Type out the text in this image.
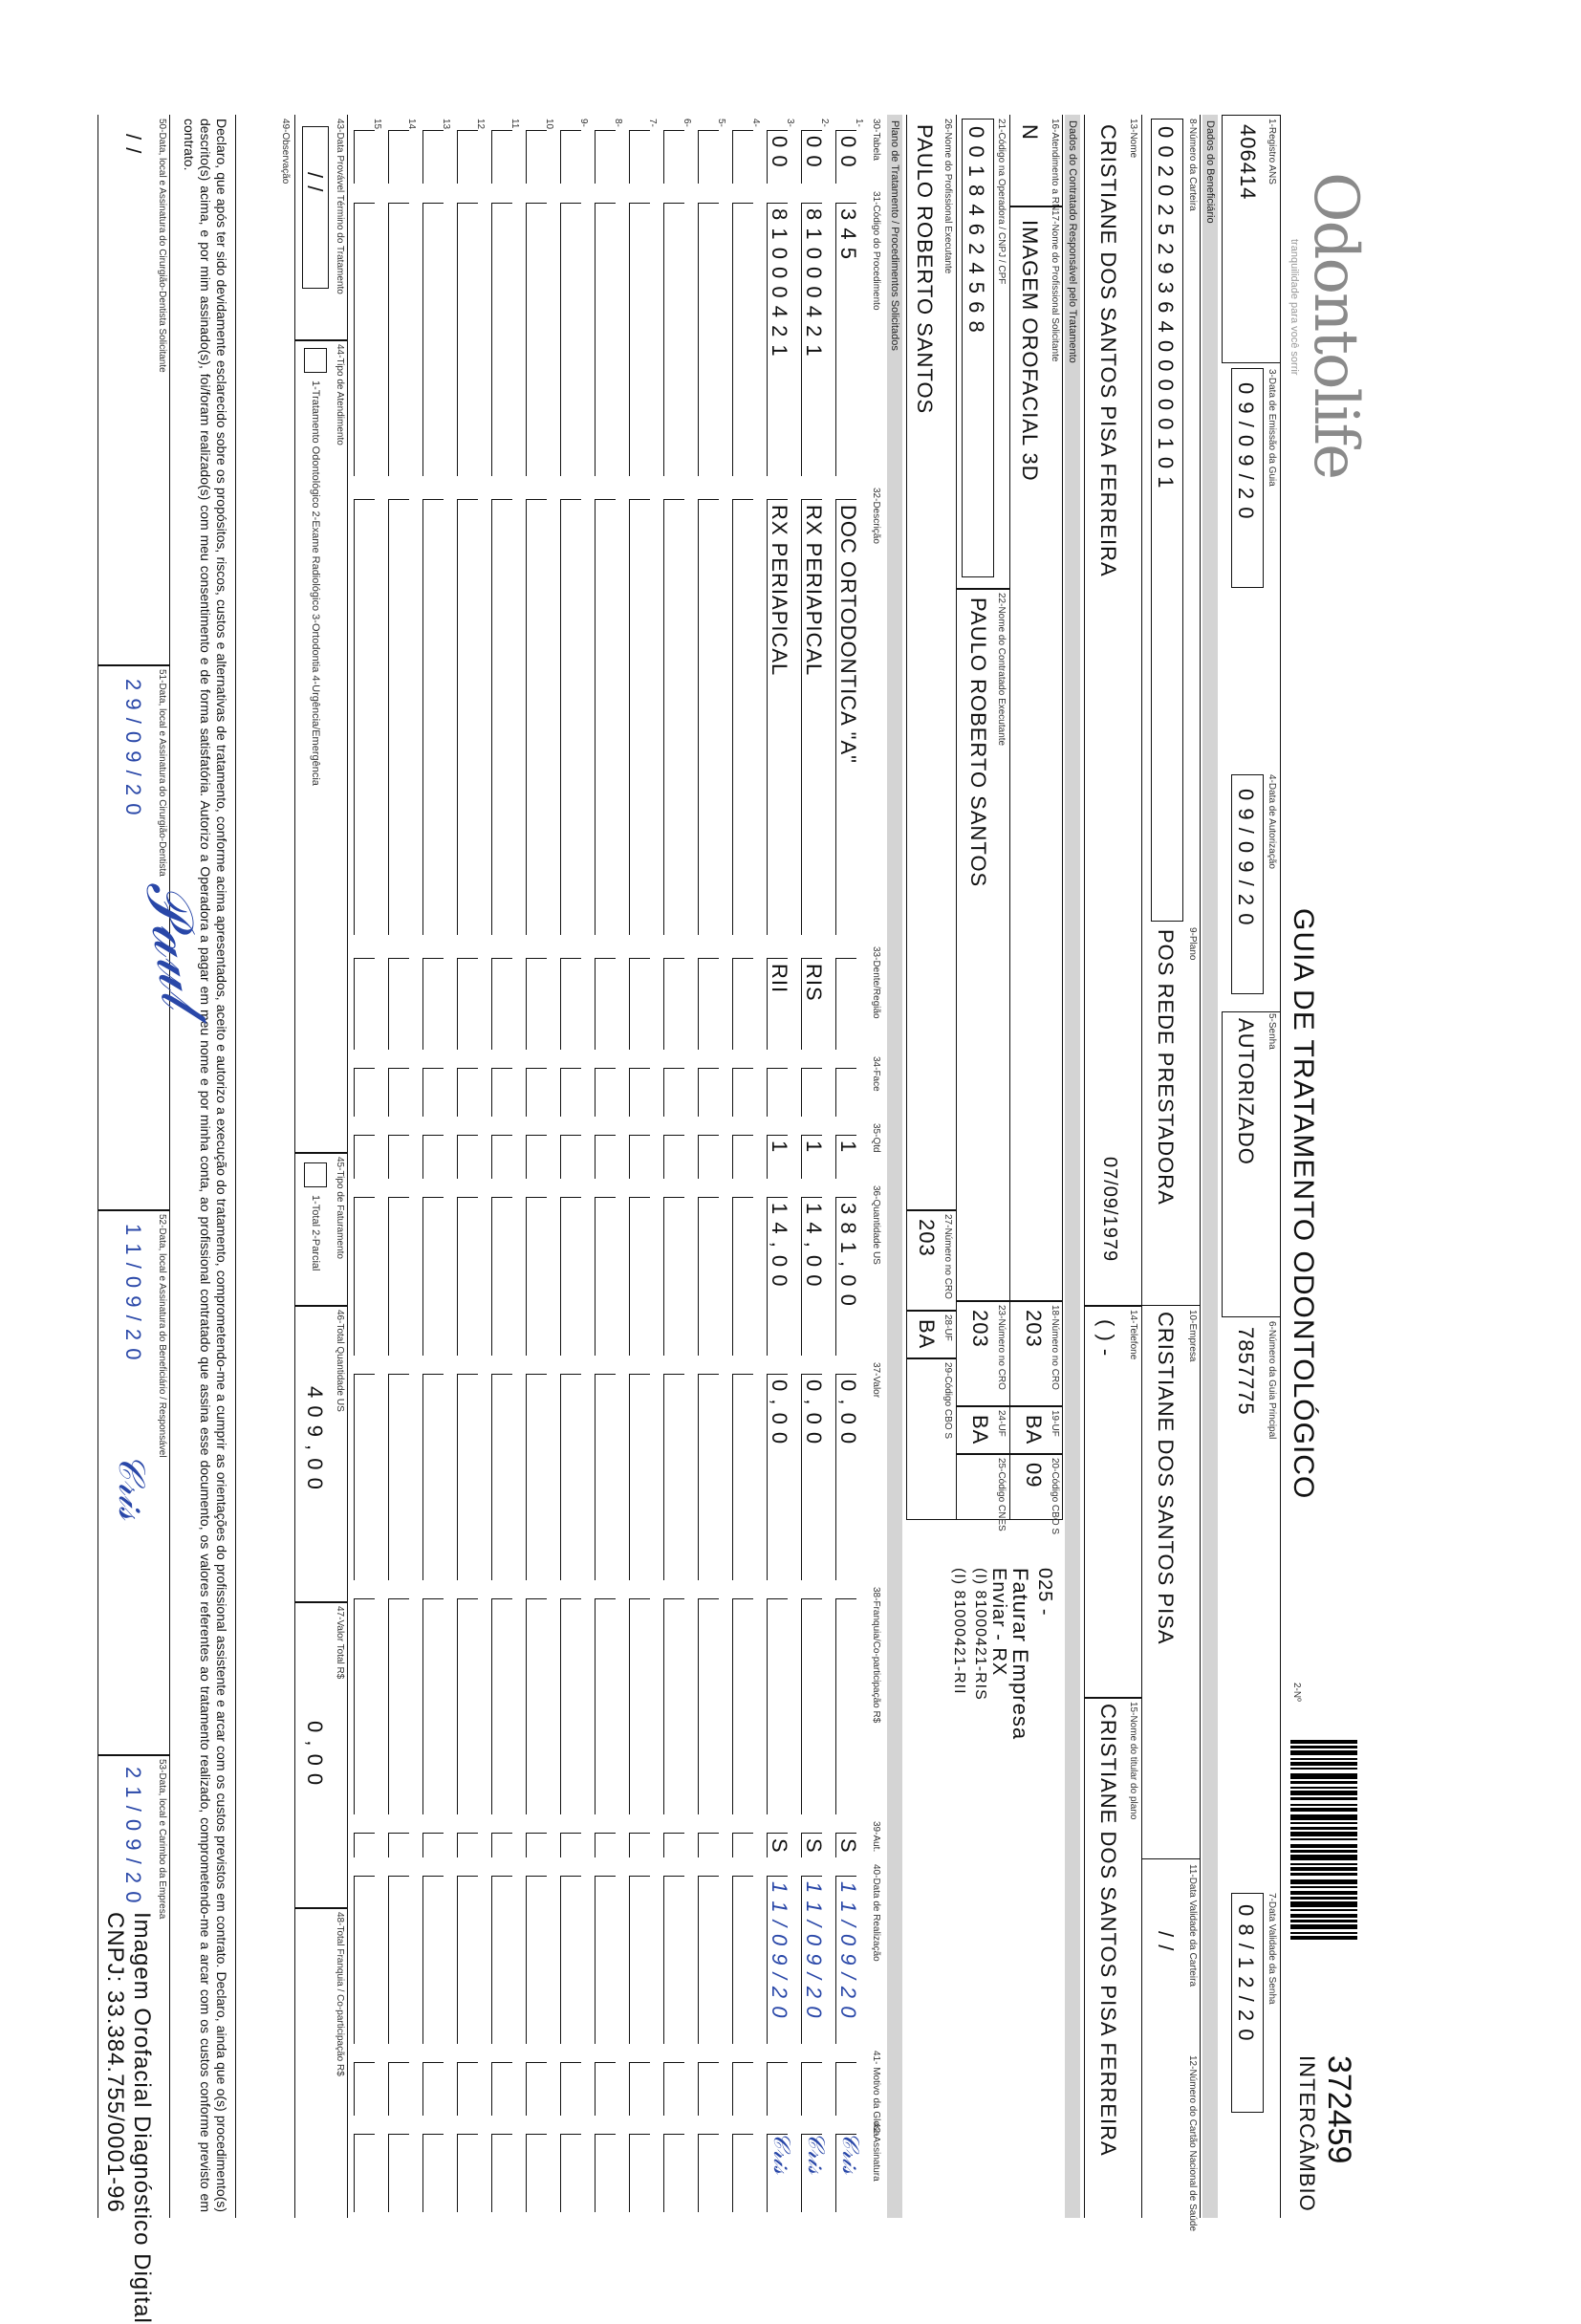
Odontolife
tranquilidade para você sorrir
GUIA DE TRATAMENTO ODONTOLÓGICO
2-Nº
372459
INTERCÂMBIO
1-Registro ANS
406414
3-Data de Emissão da Guia
0 9 / 0 9 / 2 0
4-Data de Autorização
0 9 / 0 9 / 2 0
5-Senha
AUTORIZADO
6-Número da Guia Principal
7857775
7-Data Validade da Senha
0 8 / 1 2 / 2 0
Dados do Beneficiário
8-Número da Carteira
0 0 2 0 2 5 2 9 3 6 4 0 0 0 0 0 1 0 1
9-Plano
POS REDE PRESTADORA
10-Empresa
CRISTIANE DOS SANTOS PISA
11-Data Validade da Carteira
/ /
12-Número do Cartão Nacional de Saúde
13-Nome
CRISTIANE DOS SANTOS PISA FERREIRA
07/09/1979
14-Telefone
( ) -
15-Nome do titular do plano
CRISTIANE DOS SANTOS PISA FERREIRA
Dados do Contratado Responsável pelo Tratamento
16-Atendimento a RN
N
17-Nome do Profissional Solicitante
IMAGEM OROFACIAL 3D
18-Número no CRO
203
19-UF
BA
20-Código CBO S
09
025 -
Faturar Empresa
Enviar - RX
(I) 81000421-RIS
(I) 81000421-RII
21-Código na Operadora / CNPJ / CPF
0 0 1 8 4 6 2 4 5 6 8
22-Nome do Contratado Executante
PAULO ROBERTO SANTOS
23-Número no CRO
203
24-UF
BA
25-Código CNES
26-Nome do Profissional Executante
PAULO ROBERTO SANTOS
27-Número no CRO
203
28-UF
BA
29-Código CBO S
Plano de Tratamento / Procedimentos Solicitados
30-Tabela
31-Código do Procedimento
32-Descrição
33-Dente/Região
34-Face
35-Qtd
36-Quantidade US
37-Valor
38-Franquia/Co-participação R$
39-Aut.
40-Data de Realização
41- Motivo da Glosa
42-Assinatura
1-
0 0
3 4 5
DOC ORTODONTICA "A"
1
3 8 1 , 0 0
0 , 0 0
S
1 1 / 0 9 / 2 0
𝒞𝓇𝒾𝓈
2-
0 0
8 1 0 0 0 4 2 1
RX PERIAPICAL
RIS
1
1 4 , 0 0
0 , 0 0
S
1 1 / 0 9 / 2 0
𝒞𝓇𝒾𝓈
3-
0 0
8 1 0 0 0 4 2 1
RX PERIAPICAL
RII
1
1 4 , 0 0
0 , 0 0
S
1 1 / 0 9 / 2 0
𝒞𝓇𝒾𝓈
4-
5-
6-
7-
8-
9-
10
11
12
13
14
15
43-Data Provável Término do Tratamento
/ /
44-Tipo de Atendimento
1-Tratamento Odontológico 2-Exame Radiológico 3-Ortodontia 4-Urgência/Emergência
45-Tipo de Faturamento
1-Total 2-Parcial
46-Total Quantidade US
4 0 9 , 0 0
47-Valor Total R$
0 , 0 0
48-Total Franquia / Co-participação R$
49-Observação
Declaro, que após ter sido devidamente esclarecido sobre os propósitos, riscos, custos e alternativas de tratamento, conforme acima apresentados, aceito e autorizo a execução do tratamento, comprometendo-me a cumprir as orientações do profissional assistente e arcar com os custos previstos em contrato. Declaro, ainda que o(s) procedimento(s) descrito(s) acima, e por mim assinado(s), foi/foram realizado(s) com meu consentimento e de forma satisfatória. Autorizo a Operadora a pagar em meu nome e por minha conta, ao profissional contratado que assina esse documento, os valores referentes ao tratamento realizado, comprometendo-me a arcar com os custos conforme previsto em contrato.
50-Data, local e Assinatura do Cirurgião-Dentista Solicitante
/ /
51-Data, local e Assinatura do Cirurgião-Dentista
2 9 / 0 9 / 2 0
𝒫𝒶𝓊𝓁
52-Data, local e Assinatura do Beneficiário / Responsável
1 1 / 0 9 / 2 0
𝒞𝓇𝒾𝓈
53-Data, local e Carimbo da Empresa
2 1 / 0 9 / 2 0
Imagem Orofacial Diagnóstico Digital
CNPJ: 33.384.755/0001-96
